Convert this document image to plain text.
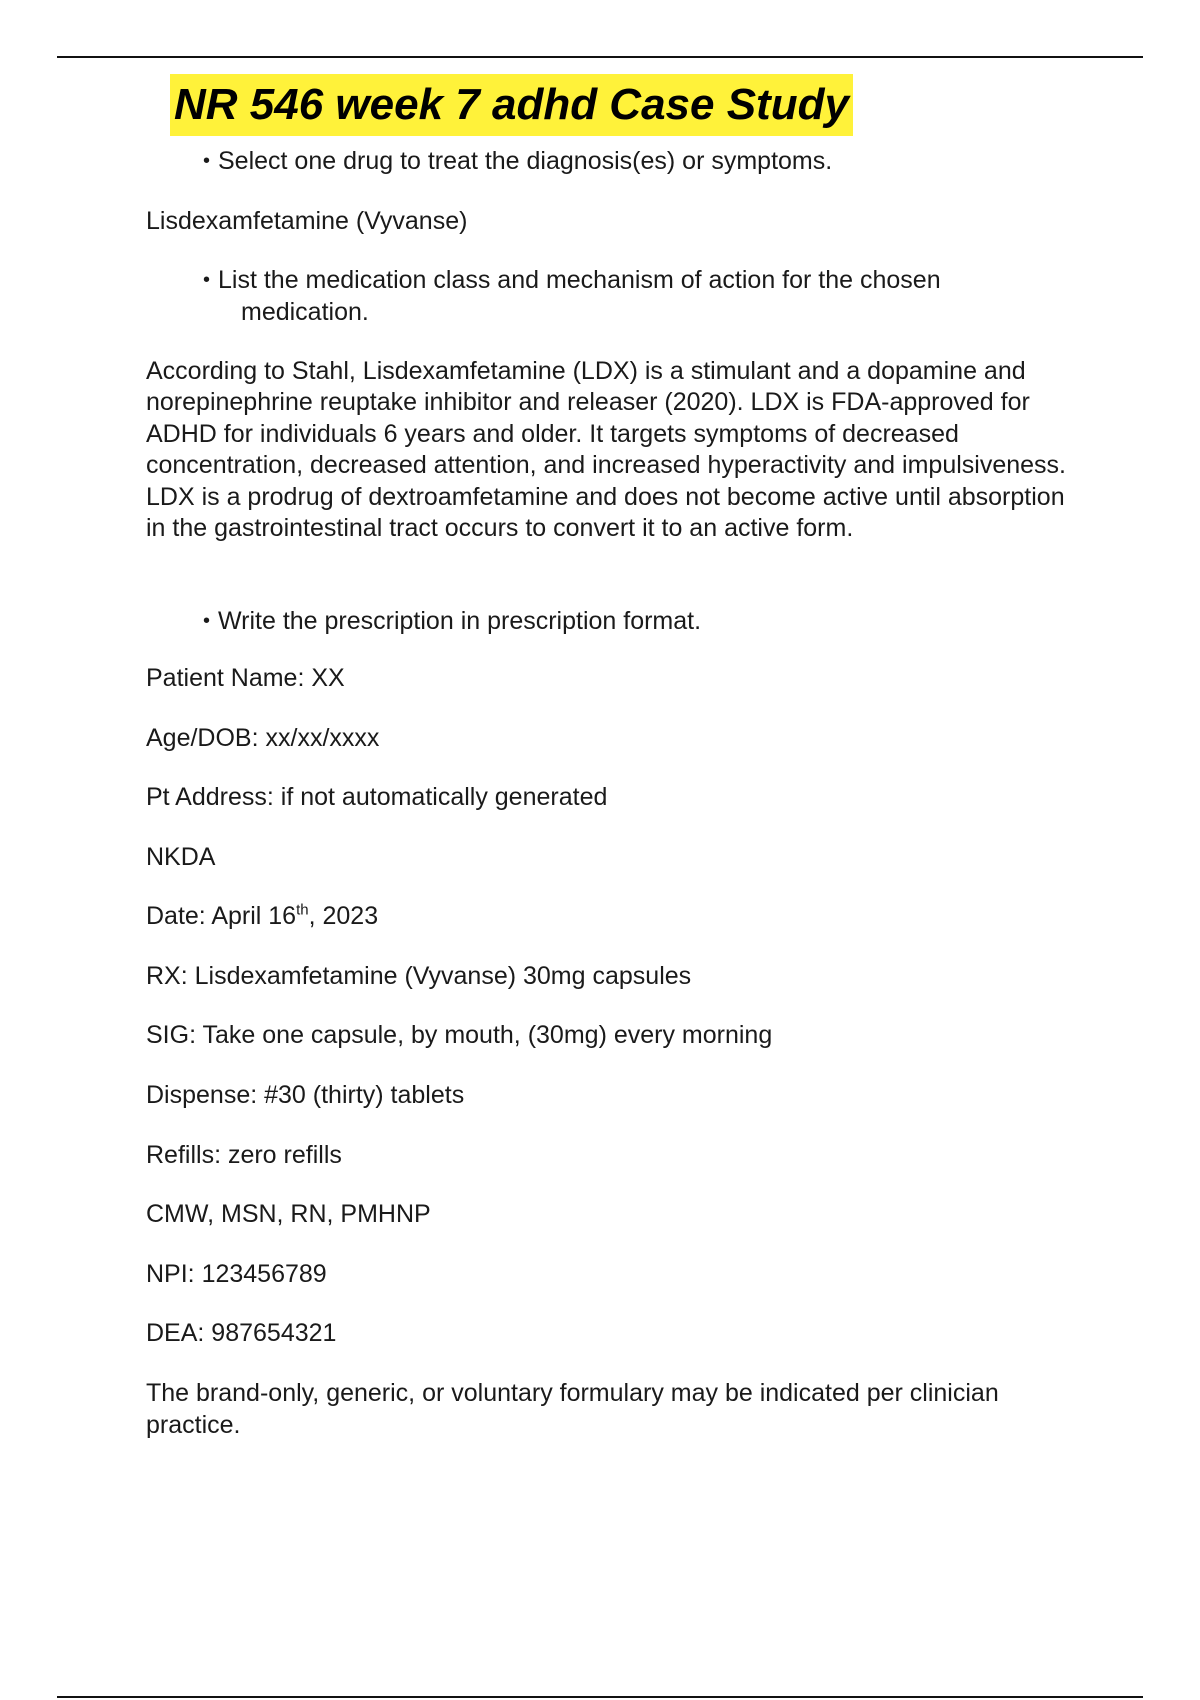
NR 546 week 7 adhd Case Study
• Select one drug to treat the diagnosis(es) or symptoms.

Lisdexamfetamine (Vyvanse)

• List the medication class and mechanism of action for the chosen
medication.

According to Stahl, Lisdexamfetamine (LDX) is a stimulant and a dopamine and norepinephrine reuptake inhibitor and releaser (2020). LDX is FDA-approved for ADHD for individuals 6 years and older. It targets symptoms of decreased concentration, decreased attention, and increased hyperactivity and impulsiveness. LDX is a prodrug of dextroamfetamine and does not become active until absorption in the gastrointestinal tract occurs to convert it to an active form.

• Write the prescription in prescription format.

Patient Name: XX

Age/DOB: xx/xx/xxxx

Pt Address: if not automatically generated

NKDA

Date: April 16th, 2023

RX: Lisdexamfetamine (Vyvanse) 30mg capsules

SIG: Take one capsule, by mouth, (30mg) every morning

Dispense: #30 (thirty) tablets

Refills: zero refills

CMW, MSN, RN, PMHNP

NPI: 123456789

DEA: 987654321

The brand-only, generic, or voluntary formulary may be indicated per clinician practice.
